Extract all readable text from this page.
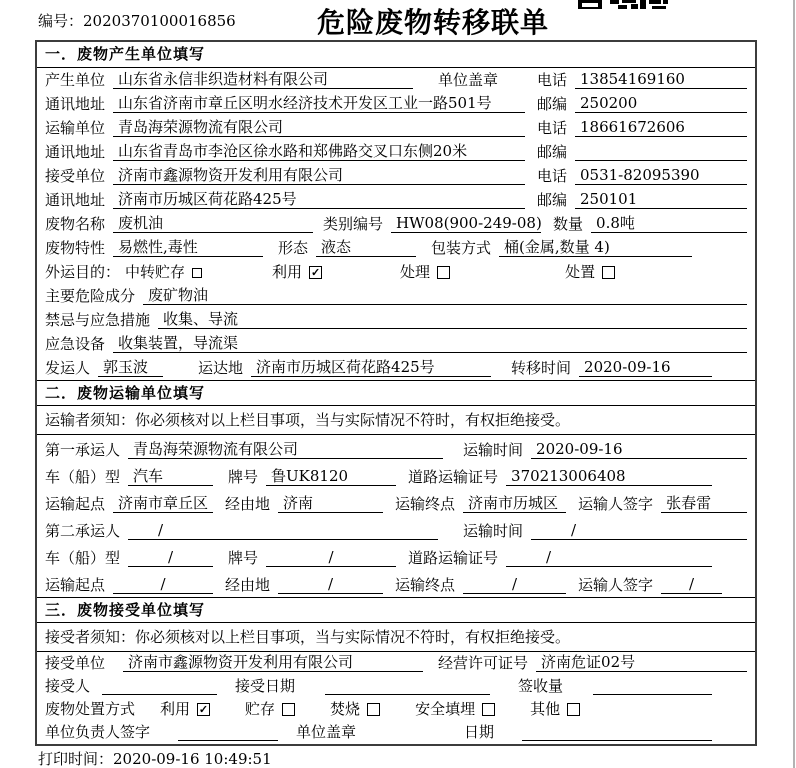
编号：2020370100016856	危险废物转移联单
一．废物产生单位填写
产生单位 山东省永信非织造材料有限公司	单位盖章	电话 13854169160
通讯地址 山东省济南市章丘区明水经济技术开发区工业一路501号	邮编 250200
运输单位 青岛海荣源物流有限公司	电话 18661672606
通讯地址 山东省青岛市李沧区徐水路和郑佛路交叉口东侧20米	邮编
接受单位 济南市鑫源物资开发利用有限公司	电话 0531-82095390
通讯地址 济南市历城区荷花路425号	邮编 250101
废物名称 废机油	类别编号 HW08(900-249-08) 数量 0.8吨
废物特性 易燃性,毒性	形态 液态	包装方式 桶(金属,数量 4)
外运目的： 中转贮存	利用 ✓	处理	处置
主要危险成分 废矿物油
禁忌与应急措施 收集、导流
应急设备 收集装置，导流渠
发运人 郭玉波	运达地 济南市历城区荷花路425号	转移时间 2020-09-16
二．废物运输单位填写
运输者须知：你必须核对以上栏目事项，当与实际情况不符时，有权拒绝接受。
第一承运人 青岛海荣源物流有限公司	运输时间 2020-09-16
车（船）型 汽车	牌号 鲁UK8120	道路运输证号 370213006408
运输起点 济南市章丘区	经由地 济南	运输终点 济南市历城区	运输人签字 张春雷
第二承运人	/	运输时间	/
车（船）型	/	牌号	/	道路运输证号	/
运输起点	/	经由地	/	运输终点	/	运输人签字	/
三．废物接受单位填写
接受者须知：你必须核对以上栏目事项，当与实际情况不符时，有权拒绝接受。
接受单位	济南市鑫源物资开发利用有限公司	经营许可证号 济南危证02号
接受人	接受日期	签收量
废物处置方式 利用 ✓ 贮存	焚烧	安全填埋	其他
单位负责人签字	单位盖章	日期
打印时间：2020-09-16 10:49:51
